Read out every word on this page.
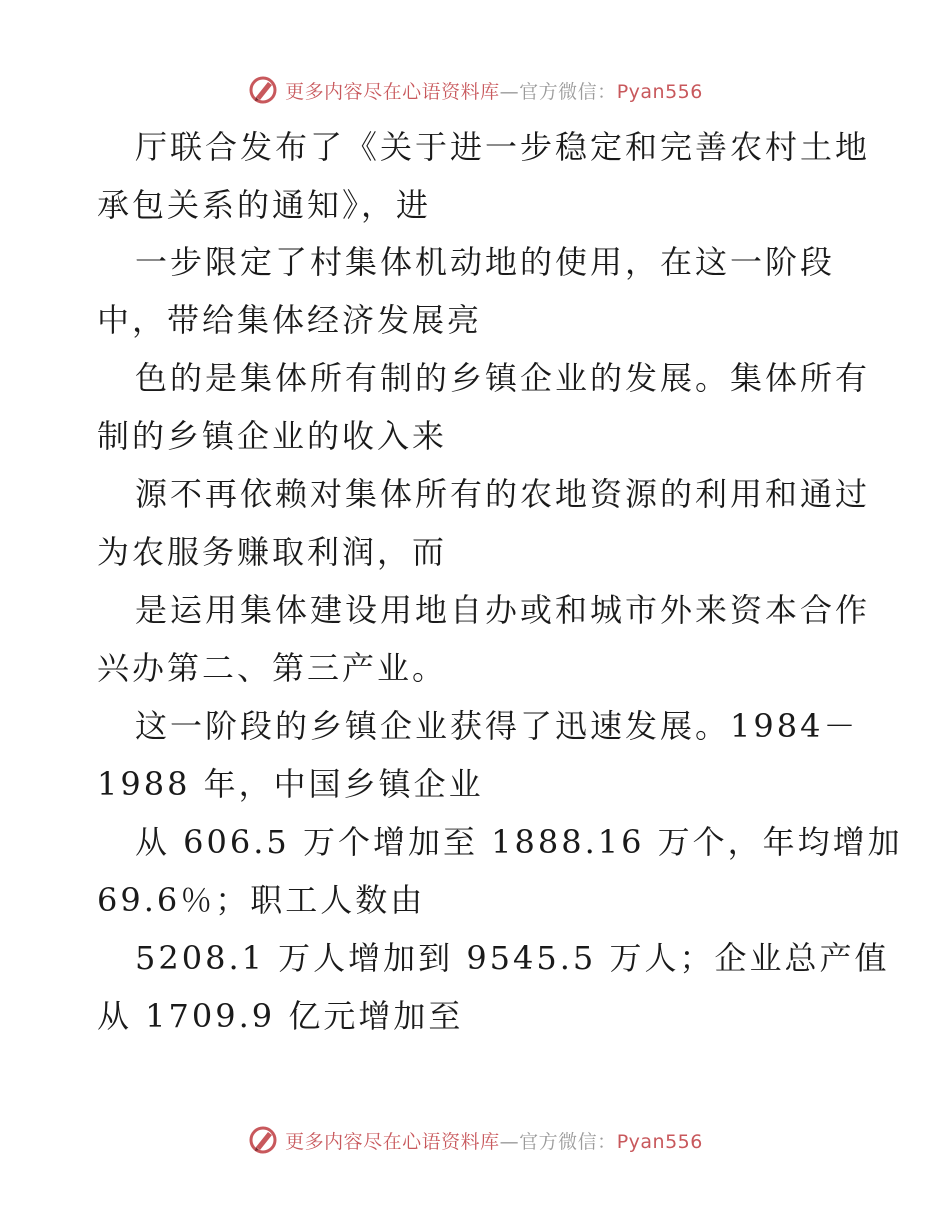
更多内容尽在心语资料库—官方微信：Pyan556
厅联合发布了《关于进一步稳定和完善农村土地
承包关系的通知》，进
一步限定了村集体机动地的使用，在这一阶段
中，带给集体经济发展亮
色的是集体所有制的乡镇企业的发展。集体所有
制的乡镇企业的收入来
源不再依赖对集体所有的农地资源的利用和通过
为农服务赚取利润，而
是运用集体建设用地自办或和城市外来资本合作
兴办第二、第三产业。
这一阶段的乡镇企业获得了迅速发展。1984－
1988 年，中国乡镇企业
从 606.5 万个增加至 1888.16 万个，年均增加
69.6％；职工人数由
5208.1 万人增加到 9545.5 万人；企业总产值
从 1709.9 亿元增加至
更多内容尽在心语资料库—官方微信：Pyan556
